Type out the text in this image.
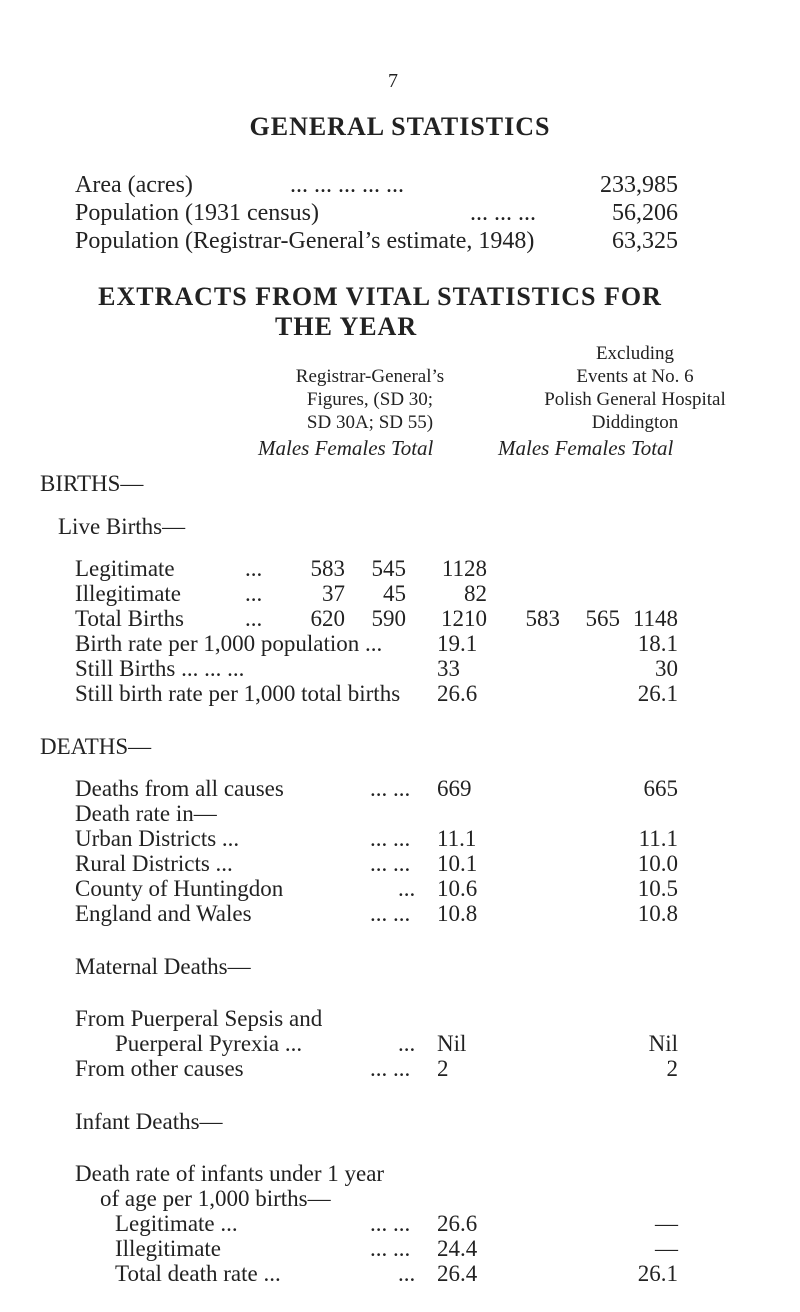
7
GENERAL STATISTICS
Area (acres)	... ... ... ... ...	233,985
Population (1931 census)	... ... ...	56,206
Population (Registrar-General’s estimate, 1948)	63,325
EXTRACTS FROM VITAL STATISTICS FOR
THE YEAR
Registrar-General’s
Figures, (SD 30;
SD 30A; SD 55)
Excluding
Events at No. 6
Polish General Hospital
Diddington
Males Females Total	Males Females Total
BIRTHS—
Live Births—
Legitimate	...	583	545	1128
Illegitimate	...	37	45	82
Total Births	...	620	590	1210	583	565 1148
Birth rate per 1,000 population ... 19.1	18.1
Still Births ... ... ...	33	30
Still birth rate per 1,000 total births 26.6	26.1
DEATHS—
Deaths from all causes	... ... 669	665
Death rate in—
Urban Districts ...	... ... 11.1	11.1
Rural Districts ...	... ... 10.1	10.0
County of Huntingdon	... 10.6	10.5
England and Wales	... ... 10.8	10.8
Maternal Deaths—
From Puerperal Sepsis and
Puerperal Pyrexia ...	... Nil	Nil
From other causes	... ... 2	2
Infant Deaths—
Death rate of infants under 1 year
of age per 1,000 births—
Legitimate ...	... ... 26.6	—
Illegitimate	... ... 24.4	—
Total death rate ...	... 26.4	26.1
